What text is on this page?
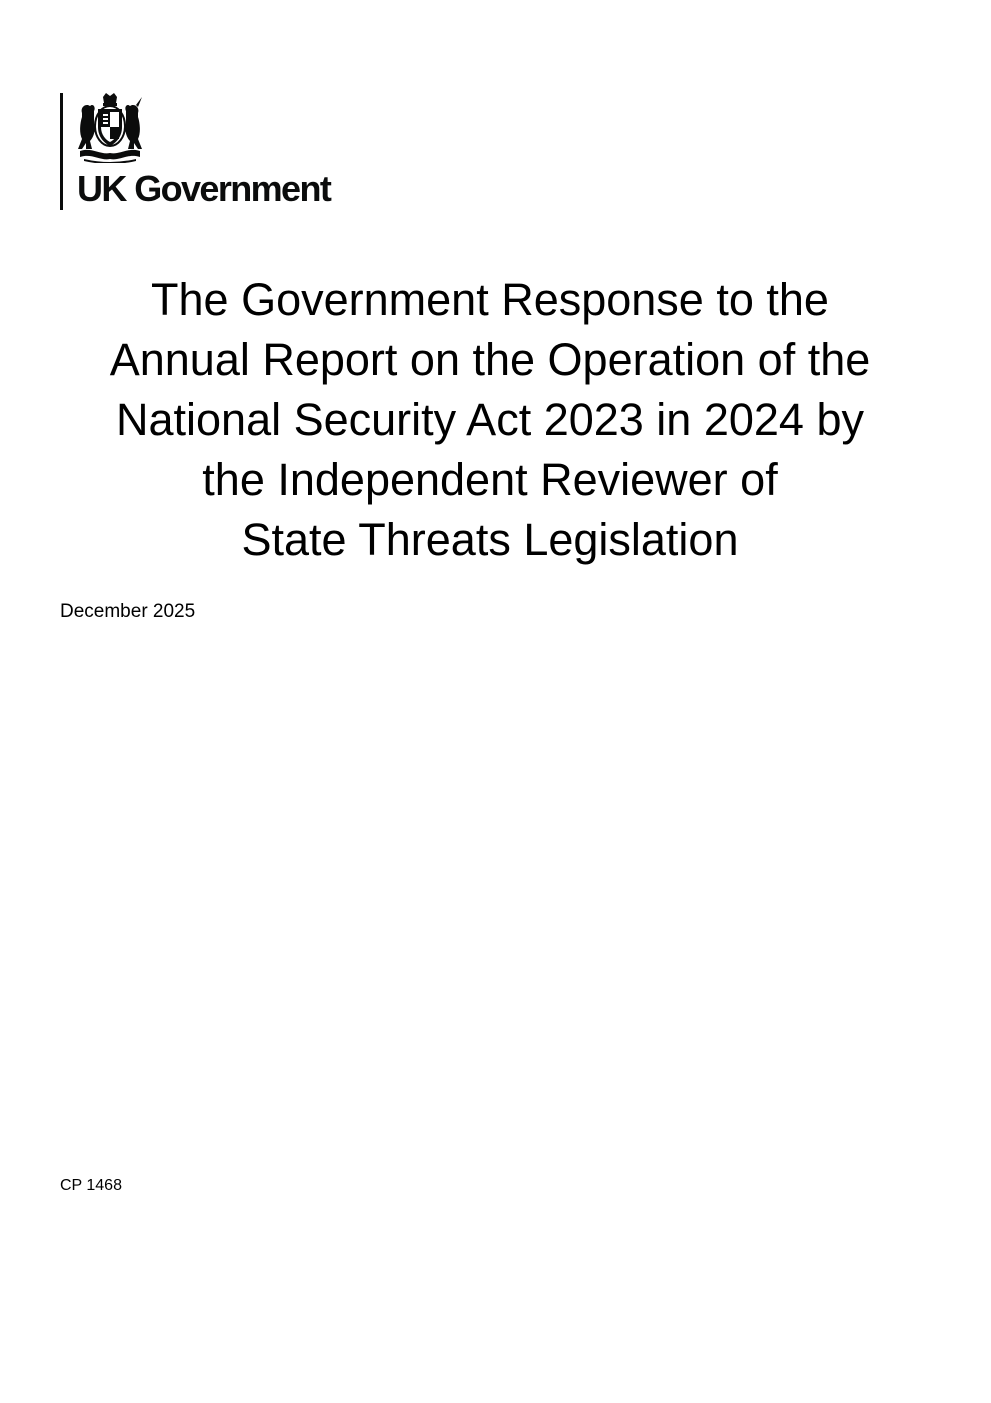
UK Government
The Government Response to the
Annual Report on the Operation of the
National Security Act 2023 in 2024 by
the Independent Reviewer of
State Threats Legislation
December 2025
CP 1468
